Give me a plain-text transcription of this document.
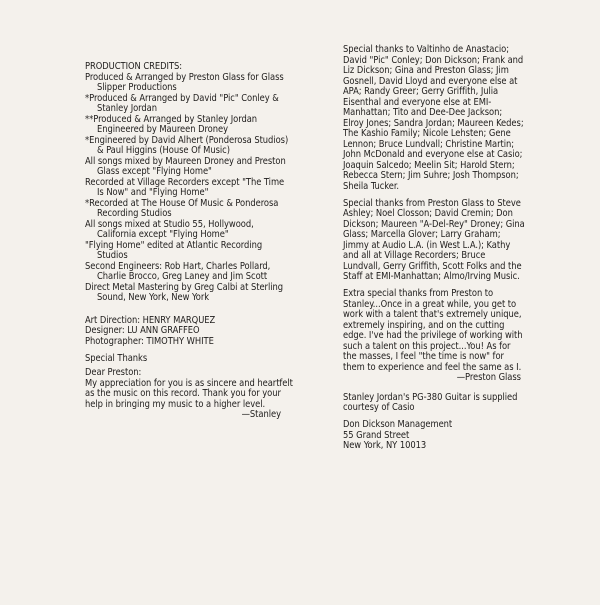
PRODUCTION CREDITS:

Produced & Arranged by Preston Glass for Glass Slipper Productions

*Produced & Arranged by David "Pic" Conley & Stanley Jordan

**Produced & Arranged by Stanley Jordan

Engineered by Maureen Droney

*Engineered by David Alhert (Ponderosa Studios) & Paul Higgins (House Of Music)

All songs mixed by Maureen Droney and Preston Glass except "Flying Home"

Recorded at Village Recorders except "The Time Is Now" and "Flying Home"

*Recorded at The House Of Music & Ponderosa Recording Studios

All songs mixed at Studio 55, Hollywood, California except "Flying Home"

"Flying Home" edited at Atlantic Recording Studios

Second Engineers: Rob Hart, Charles Pollard, Charlie Brocco, Greg Laney and Jim Scott

Direct Metal Mastering by Greg Calbi at Sterling Sound, New York, New York

Art Direction: HENRY MARQUEZ

Designer: LU ANN GRAFFEO

Photographer: TIMOTHY WHITE

Special Thanks

Dear Preston:

My appreciation for you is as sincere and heartfelt as the music on this record. Thank you for your help in bringing my music to a higher level.

—Stanley

Special thanks to Valtinho de Anastacio; David "Pic" Conley; Don Dickson; Frank and Liz Dickson; Gina and Preston Glass; Jim Gosnell, David Lloyd and everyone else at APA; Randy Greer; Gerry Griffith, Julia Eisenthal and everyone else at EMI-Manhattan; Tito and Dee-Dee Jackson; Elroy Jones; Sandra Jordan; Maureen Kedes; The Kashio Family; Nicole Lehsten; Gene Lennon; Bruce Lundvall; Christine Martin; John McDonald and everyone else at Casio; Joaquin Salcedo; Meelin Sit; Harold Stern; Rebecca Stern; Jim Suhre; Josh Thompson; Sheila Tucker.

Special thanks from Preston Glass to Steve Ashley; Noel Closson; David Cremin; Don Dickson; Maureen "A-Del-Rey" Droney; Gina Glass; Marcella Glover; Larry Graham; Jimmy at Audio L.A. (in West L.A.); Kathy and all at Village Recorders; Bruce Lundvall, Gerry Griffith, Scott Folks and the Staff at EMI-Manhattan; Almo/Irving Music.

Extra special thanks from Preston to Stanley...Once in a great while, you get to work with a talent that's extremely unique, extremely inspiring, and on the cutting edge. I've had the privilege of working with such a talent on this project...You! As for the masses, I feel "the time is now" for them to experience and feel the same as I.

—Preston Glass

Stanley Jordan's PG-380 Guitar is supplied courtesy of Casio

Don Dickson Management

55 Grand Street

New York, NY 10013
